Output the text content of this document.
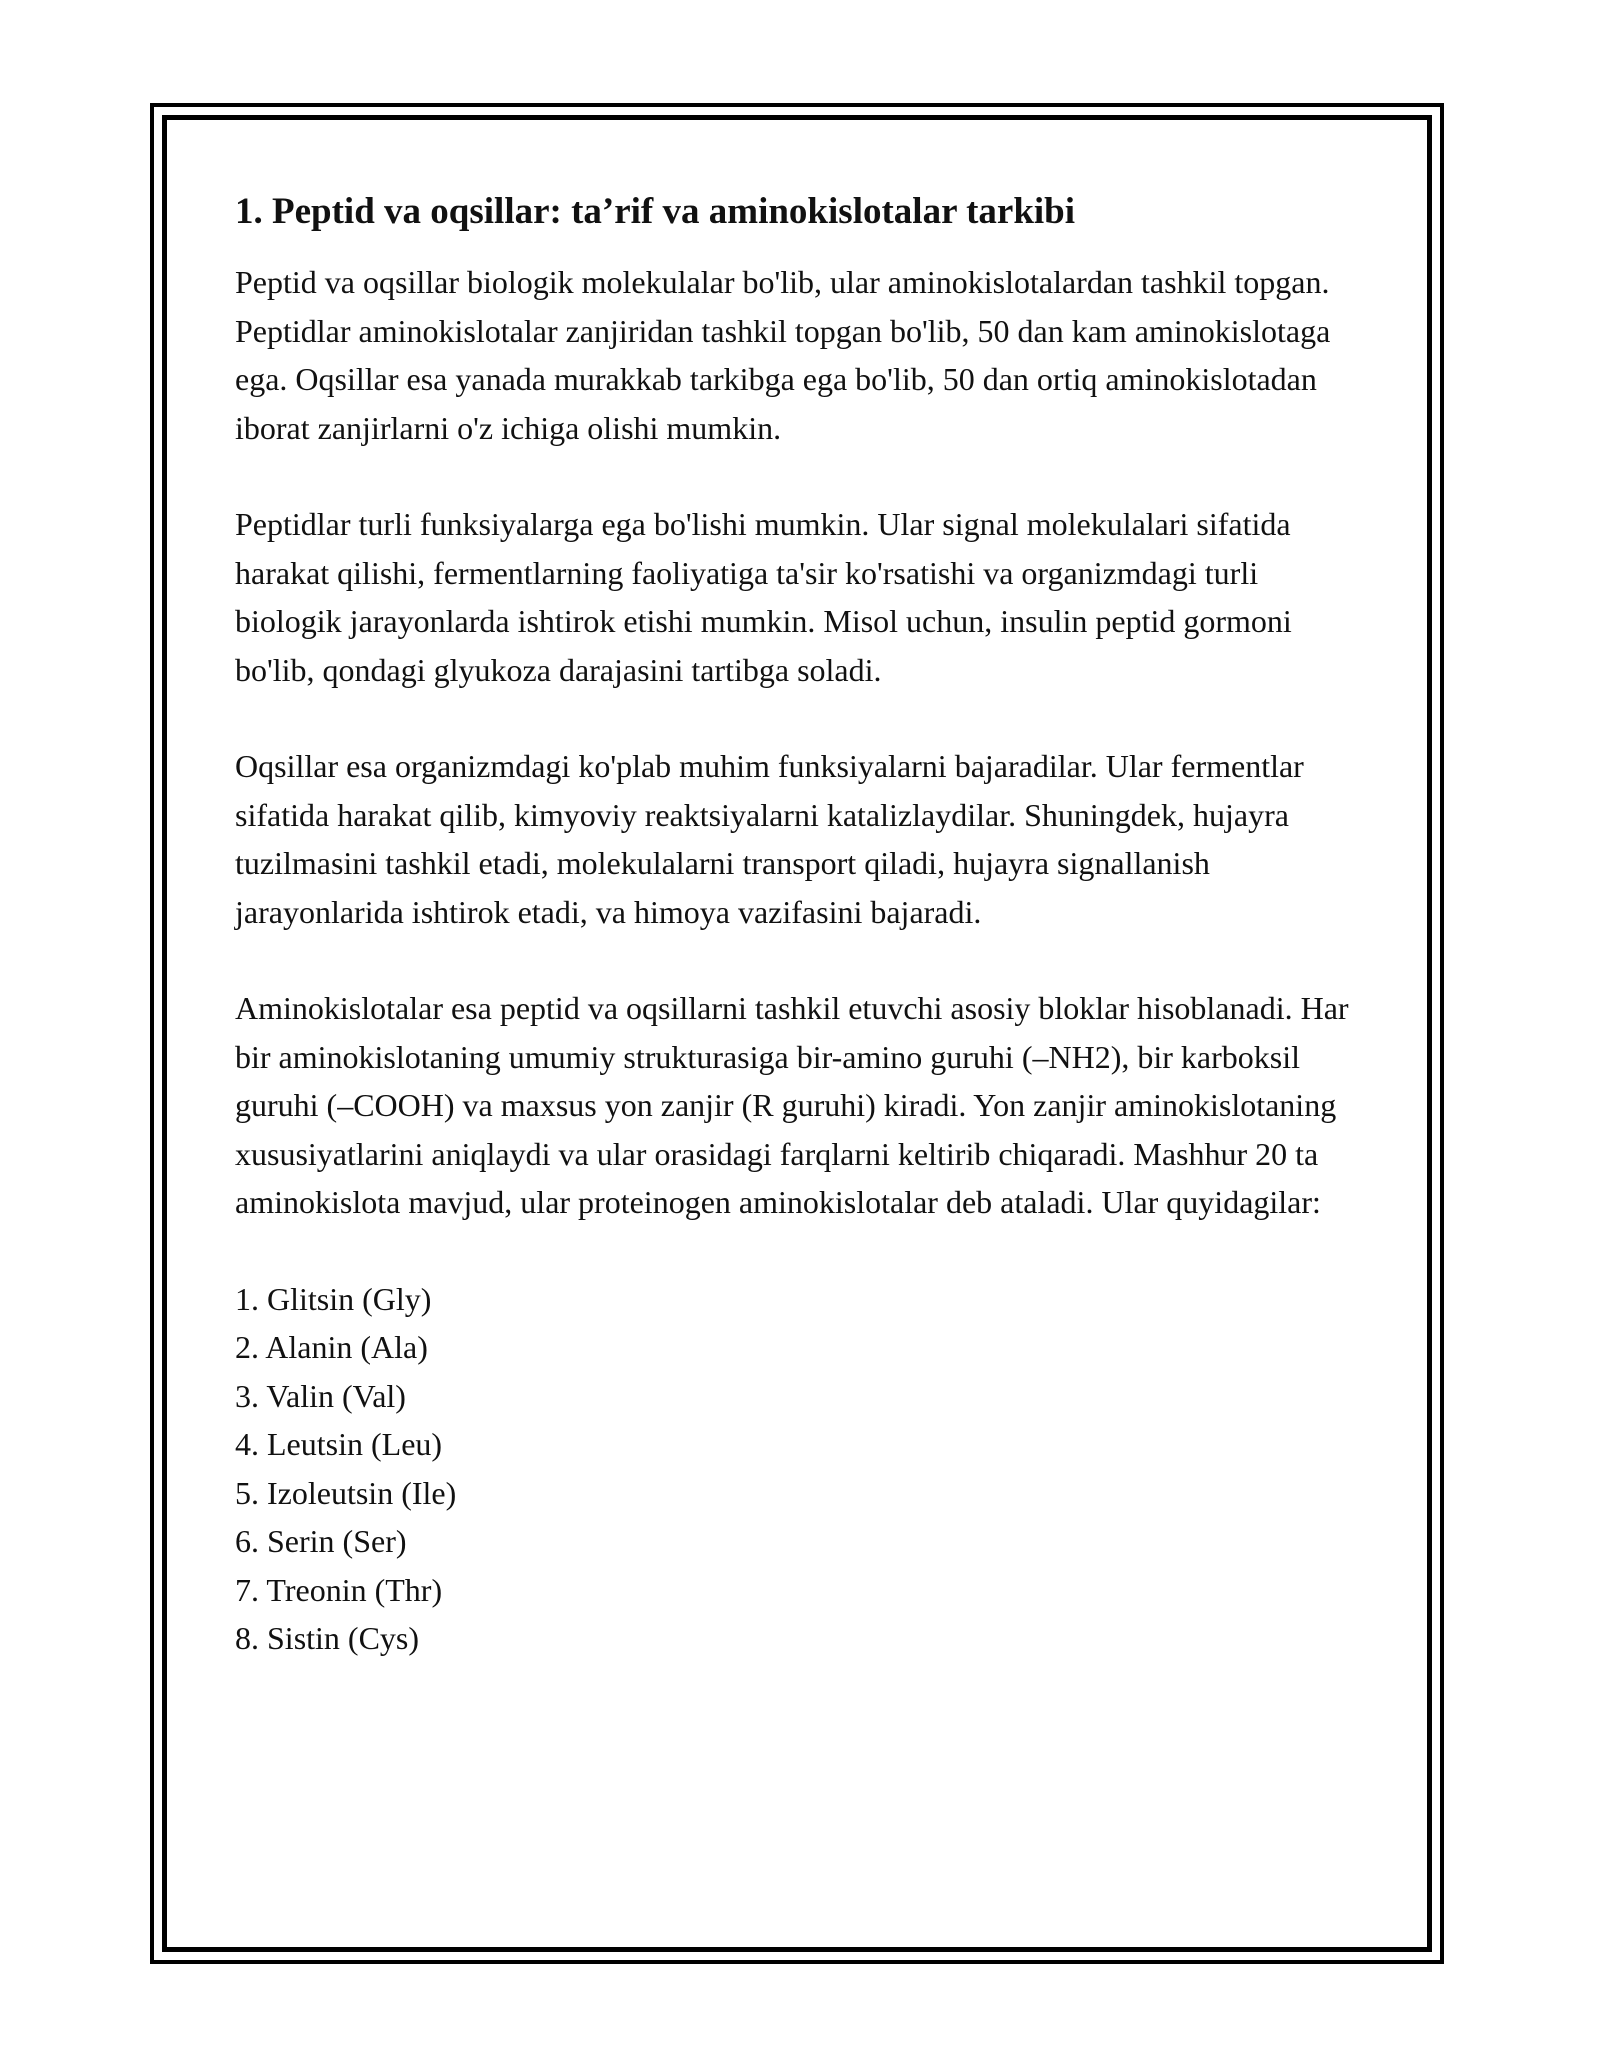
1. Peptid va oqsillar: ta’rif va aminokislotalar tarkibi

Peptid va oqsillar biologik molekulalar bo'lib, ular aminokislotalardan tashkil topgan. Peptidlar aminokislotalar zanjiridan tashkil topgan bo'lib, 50 dan kam aminokislotaga ega. Oqsillar esa yanada murakkab tarkibga ega bo'lib, 50 dan ortiq aminokislotadan iborat zanjirlarni o'z ichiga olishi mumkin.

Peptidlar turli funksiyalarga ega bo'lishi mumkin. Ular signal molekulalari sifatida harakat qilishi, fermentlarning faoliyatiga ta'sir ko'rsatishi va organizmdagi turli biologik jarayonlarda ishtirok etishi mumkin. Misol uchun, insulin peptid gormoni bo'lib, qondagi glyukoza darajasini tartibga soladi.

Oqsillar esa organizmdagi ko'plab muhim funksiyalarni bajaradilar. Ular fermentlar sifatida harakat qilib, kimyoviy reaktsiyalarni katalizlaydilar. Shuningdek, hujayra tuzilmasini tashkil etadi, molekulalarni transport qiladi, hujayra signallanish jarayonlarida ishtirok etadi, va himoya vazifasini bajaradi.

Aminokislotalar esa peptid va oqsillarni tashkil etuvchi asosiy bloklar hisoblanadi. Har bir aminokislotaning umumiy strukturasiga bir-amino guruhi (–NH2), bir karboksil guruhi (–COOH) va maxsus yon zanjir (R guruhi) kiradi. Yon zanjir aminokislotaning xususiyatlarini aniqlaydi va ular orasidagi farqlarni keltirib chiqaradi. Mashhur 20 ta aminokislota mavjud, ular proteinogen aminokislotalar deb ataladi. Ular quyidagilar:

1. Glitsin (Gly)
2. Alanin (Ala)
3. Valin (Val)
4. Leutsin (Leu)
5. Izoleutsin (Ile)
6. Serin (Ser)
7. Treonin (Thr)
8. Sistin (Cys)
